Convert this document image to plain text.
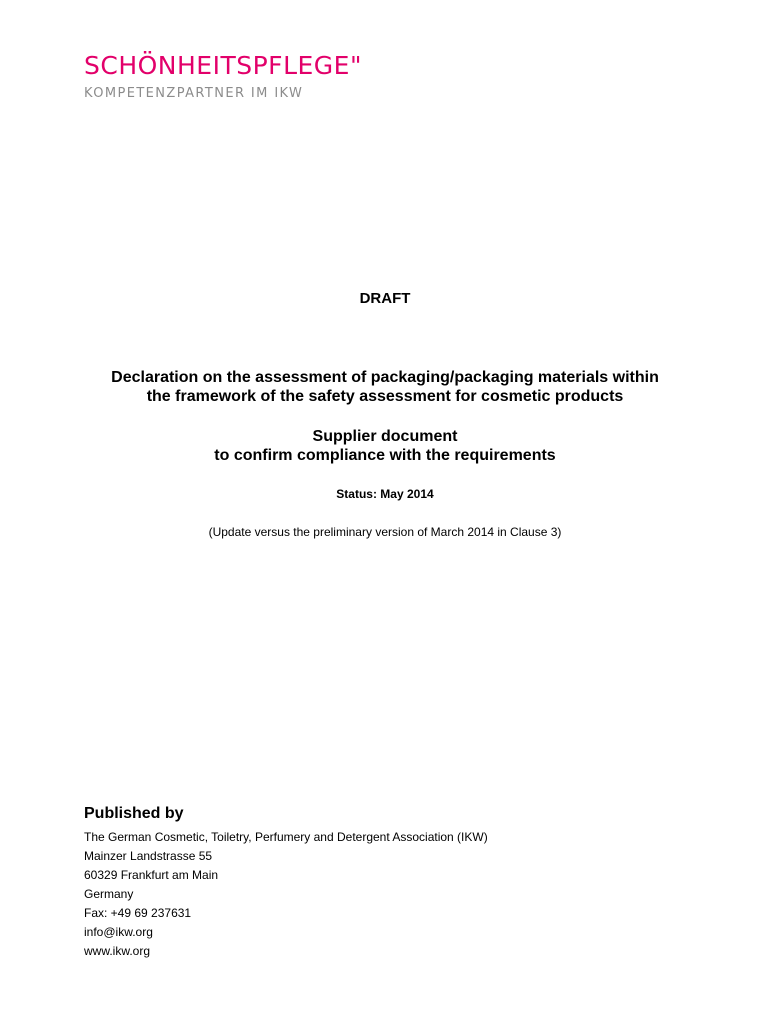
SCHÖNHEITSPFLEGE"
KOMPETENZPARTNER IM IKW
DRAFT
Declaration on the assessment of packaging/packaging materials within
the framework of the safety assessment for cosmetic products
Supplier document
to confirm compliance with the requirements
Status: May 2014
(Update versus the preliminary version of March 2014 in Clause 3)
Published by
The German Cosmetic, Toiletry, Perfumery and Detergent Association (IKW)
Mainzer Landstrasse 55
60329 Frankfurt am Main
Germany
Fax: +49 69 237631
info@ikw.org
www.ikw.org
